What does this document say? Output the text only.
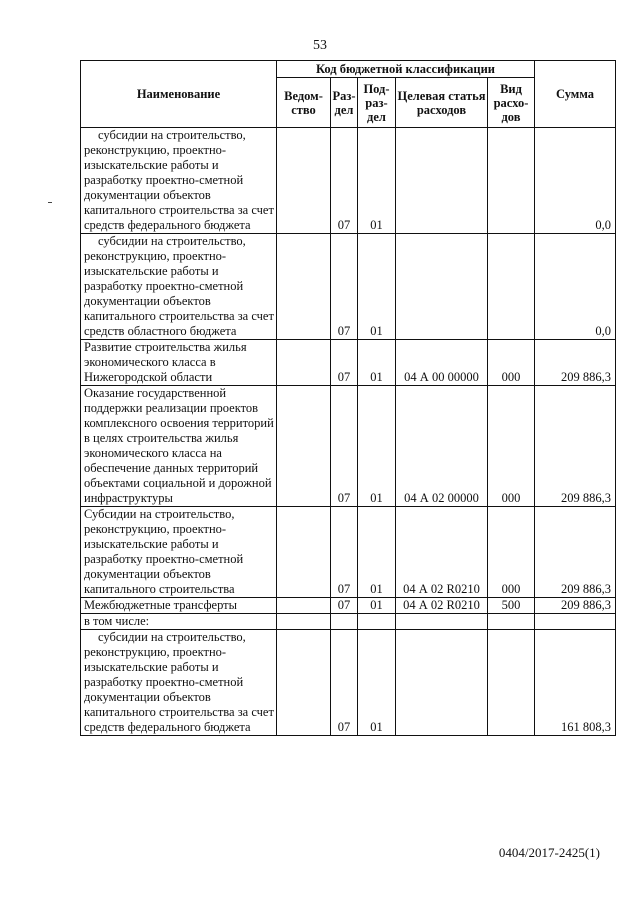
53
Наименование	Код бюджетной классификации					Сумма
	Ведом-ство	Раз-дел	Под-раз-дел	Целевая статья расходов	Вид расхо-дов	
субсидии на строительство, реконструкцию, проектно-изыскательские работы и разработку проектно-сметной документации объектов капитального строительства за счет средств федерального бюджета		07	01			0,0
субсидии на строительство, реконструкцию, проектно-изыскательские работы и разработку проектно-сметной документации объектов капитального строительства за счет средств областного бюджета		07	01			0,0
Развитие строительства жилья экономического класса в Нижегородской области		07	01	04 А 00 00000	000	209 886,3
Оказание государственной поддержки реализации проектов комплексного освоения территорий в целях строительства жилья экономического класса на обеспечение данных территорий объектами социальной и дорожной инфраструктуры		07	01	04 А 02 00000	000	209 886,3
Субсидии на строительство, реконструкцию, проектно-изыскательские работы и разработку проектно-сметной документации объектов капитального строительства		07	01	04 А 02 R0210	000	209 886,3
Межбюджетные трансферты		07	01	04 А 02 R0210	500	209 886,3
в том числе:						
субсидии на строительство, реконструкцию, проектно-изыскательские работы и разработку проектно-сметной документации объектов капитального строительства за счет средств федерального бюджета		07	01			161 808,3
0404/2017-2425(1)
